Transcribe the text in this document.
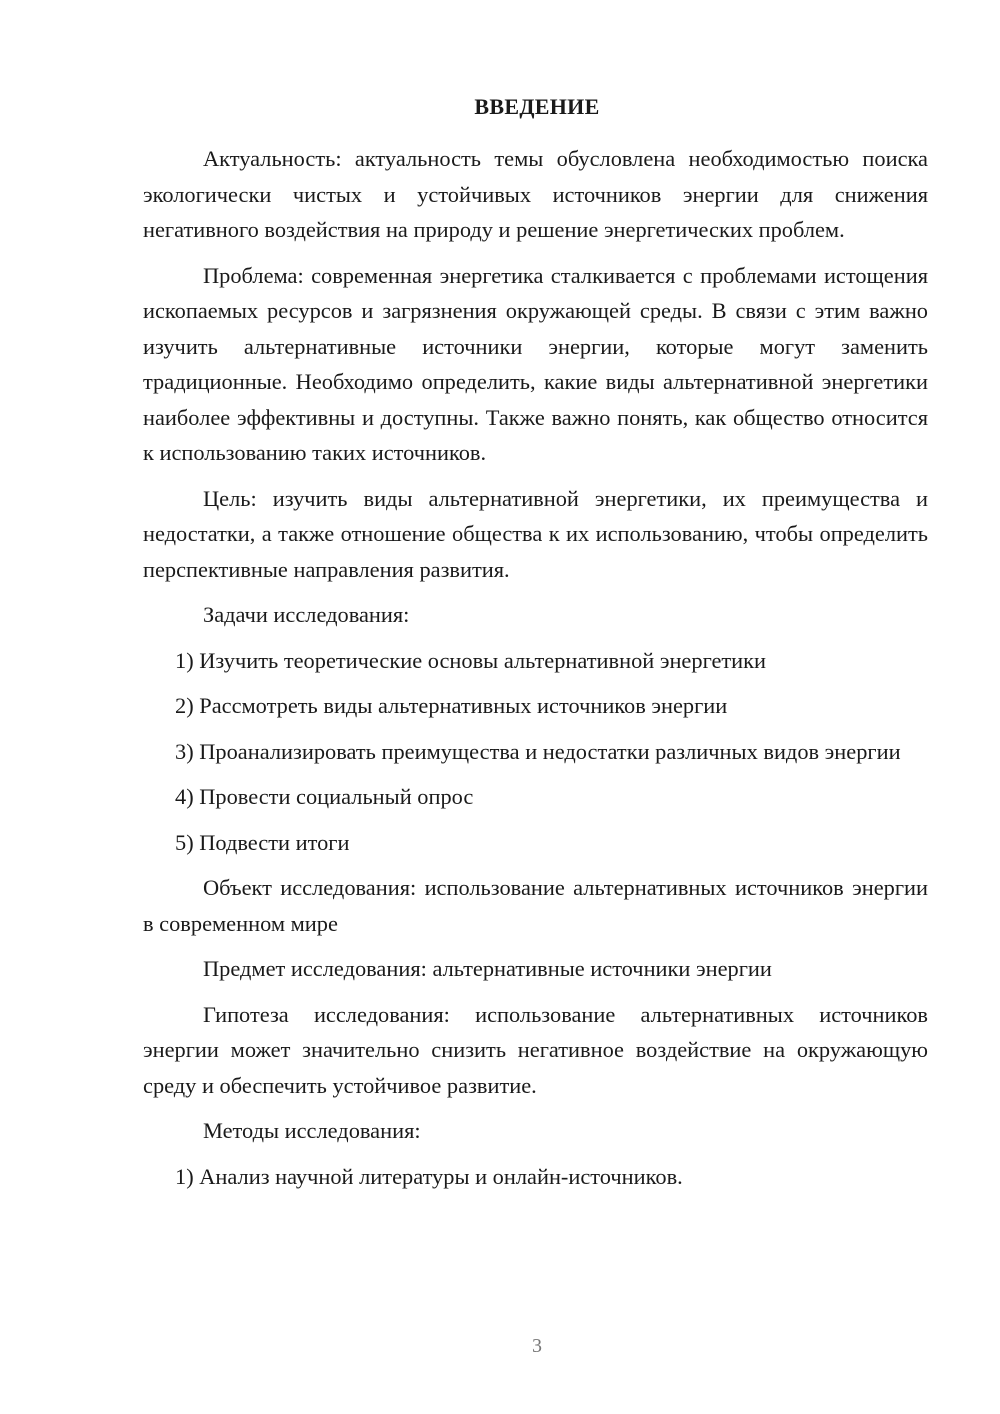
ВВЕДЕНИЕ

Актуальность: актуальность темы обусловлена необходимостью поиска экологически чистых и устойчивых источников энергии для снижения негативного воздействия на природу и решение энергетических проблем.

Проблема: современная энергетика сталкивается с проблемами истощения ископаемых ресурсов и загрязнения окружающей среды. В связи с этим важно изучить альтернативные источники энергии, которые могут заменить традиционные. Необходимо определить, какие виды альтернативной энергетики наиболее эффективны и доступны. Также важно понять, как общество относится к использованию таких источников.

Цель: изучить виды альтернативной энергетики, их преимущества и недостатки, а также отношение общества к их использованию, чтобы определить перспективные направления развития.

Задачи исследования:

1) Изучить теоретические основы альтернативной энергетики

2) Рассмотреть виды альтернативных источников энергии

3) Проанализировать преимущества и недостатки различных видов энергии

4) Провести социальный опрос

5) Подвести итоги

Объект исследования: использование альтернативных источников энергии в современном мире

Предмет исследования: альтернативные источники энергии

Гипотеза исследования: использование альтернативных источников энергии может значительно снизить негативное воздействие на окружающую среду и обеспечить устойчивое развитие.

Методы исследования:

1) Анализ научной литературы и онлайн-источников.

3
